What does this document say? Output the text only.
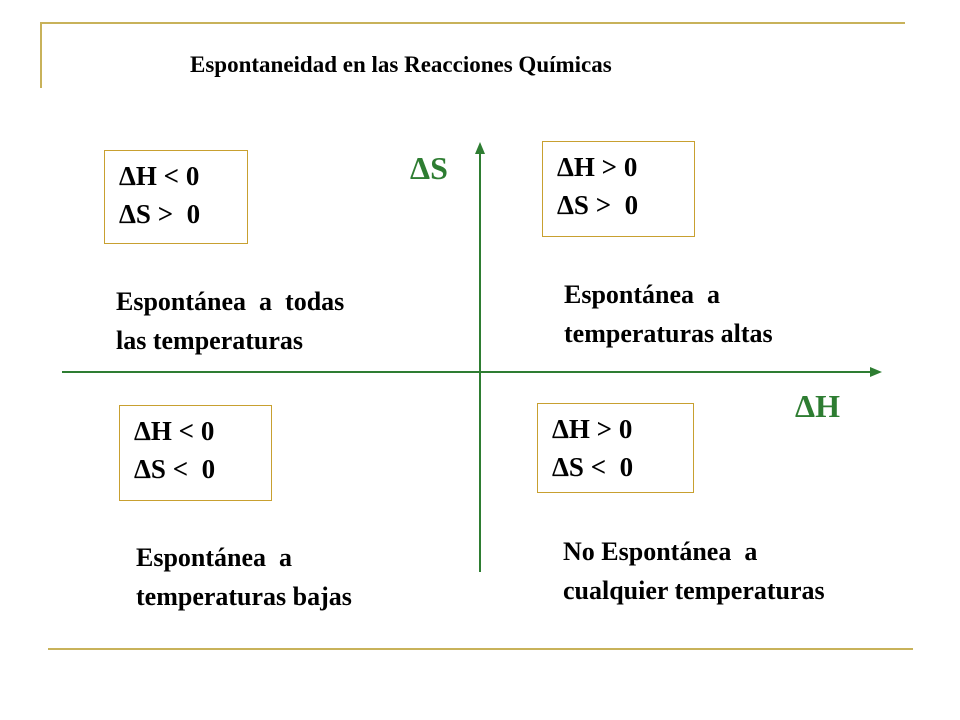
Espontaneidad en las Reacciones Químicas
ΔS
ΔH
ΔH < 0
ΔS >  0
Espontánea  a  todas
las temperaturas
ΔH > 0
ΔS >  0
Espontánea  a
temperaturas altas
ΔH < 0
ΔS <  0
Espontánea  a
temperaturas bajas
ΔH > 0
ΔS <  0
No Espontánea  a
cualquier temperaturas
